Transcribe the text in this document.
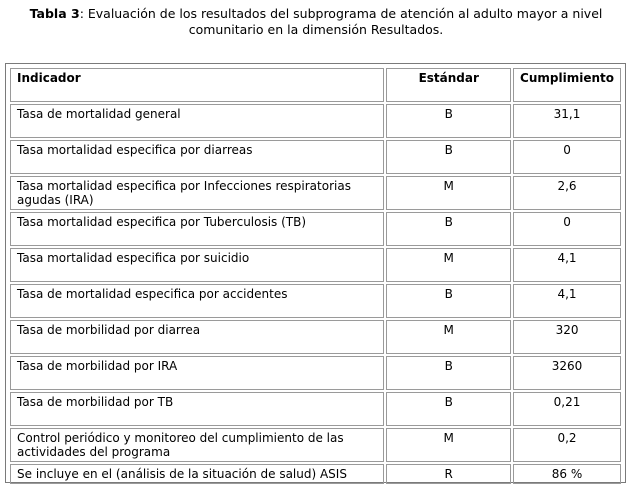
Tabla 3: Evaluación de los resultados del subprograma de atención al adulto mayor a nivel comunitario en la dimensión Resultados.
Indicador	Estándar	Cumplimiento
Tasa de mortalidad general	B	31,1
Tasa mortalidad especifica por diarreas	B	0
Tasa mortalidad especifica por Infecciones respiratorias agudas (IRA)	M	2,6
Tasa mortalidad especifica por Tuberculosis (TB)	B	0
Tasa mortalidad especifica por suicidio	M	4,1
Tasa de mortalidad especifica por accidentes	B	4,1
Tasa de morbilidad por diarrea	M	320
Tasa de morbilidad por IRA	B	3260
Tasa de morbilidad por TB	B	0,21
Control periódico y monitoreo del cumplimiento de las actividades del programa	M	0,2
Se incluye en el (análisis de la situación de salud) ASIS	R	86 %
